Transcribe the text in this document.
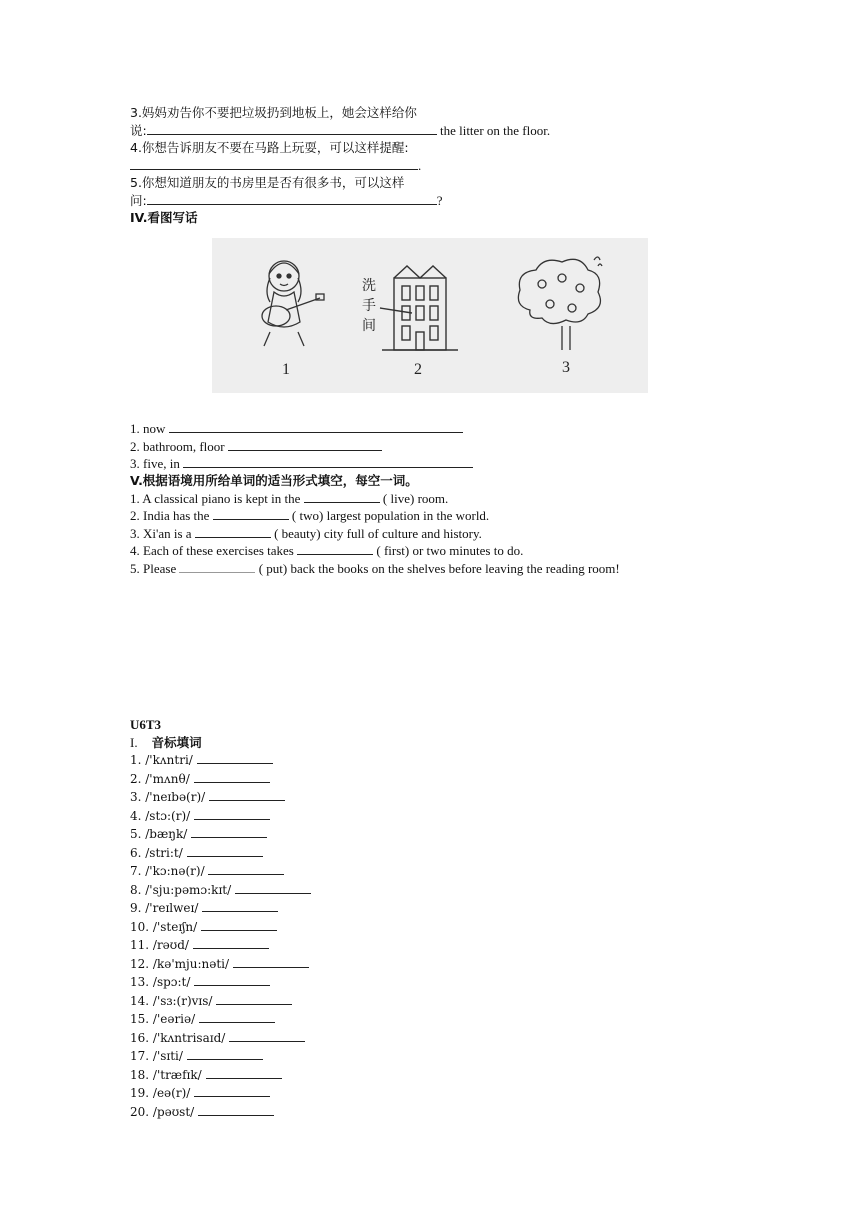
3.妈妈劝告你不要把垃圾扔到地板上，她会这样给你
说:	the litter on the floor.
4.你想告诉朋友不要在马路上玩耍，可以这样提醒:
.
5.你想知道朋友的书房里是否有很多书，可以这样
问:	?
IV.看图写话
洗
手
间
1	2	3
1. now
2. bathroom, floor
3. five, in
V.根据语境用所给单词的适当形式填空，每空一词。
1. A classical piano is kept in the	( live) room.
2. India has the	( two) largest population in the world.
3. Xi'an is a	( beauty) city full of culture and history.
4. Each of these exercises takes	( first) or two minutes to do.
5. Please	( put) back the books on the shelves before leaving the reading room!
U6T3
I. 音标填词
1. /'kʌntri/
2. /'mʌnθ/
3. /'neɪbə(r)/
4. /stɔ:(r)/
5. /bæŋk/
6. /stri:t/
7. /'kɔ:nə(r)/
8. /'sju:pəmɔ:kɪt/
9. /'reɪlweɪ/
10. /'steɪʃn/
11. /rəʊd/
12. /kə'mju:nəti/
13. /spɔ:t/
14. /'sɜ:(r)vɪs/
15. /'eəriə/
16. /'kʌntrisaɪd/
17. /'sɪti/
18. /'træfɪk/
19. /eə(r)/
20. /pəʊst/
